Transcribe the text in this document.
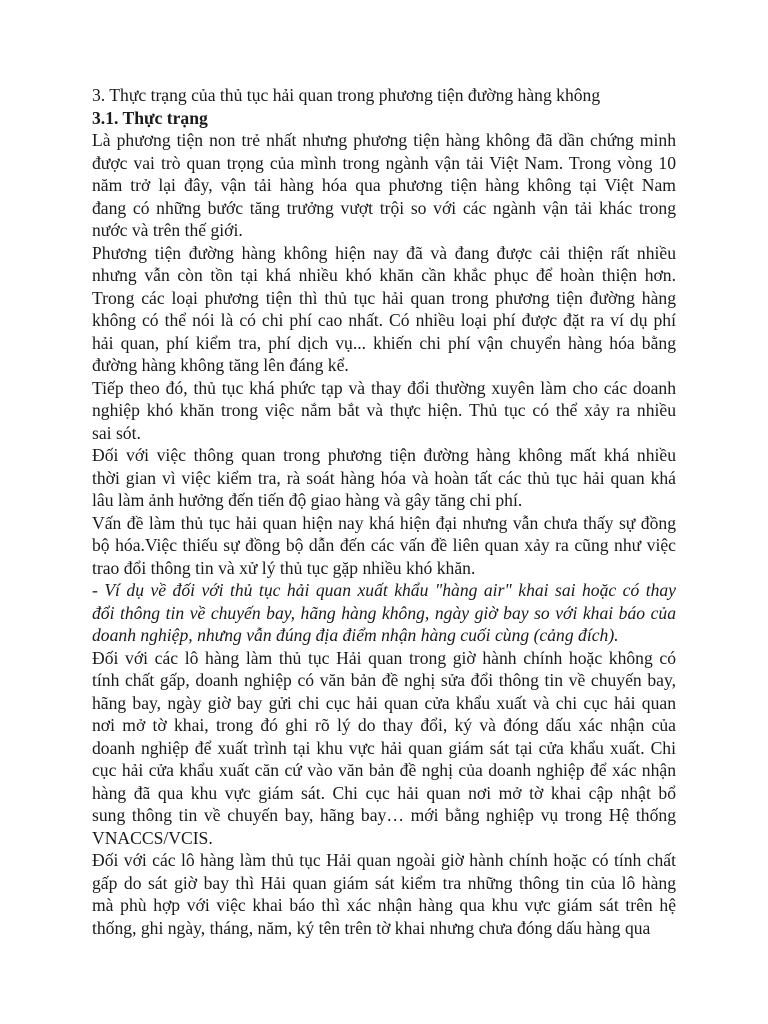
3. Thực trạng của thủ tục hải quan trong phương tiện đường hàng không
3.1. Thực trạng
Là phương tiện non trẻ nhất nhưng phương tiện hàng không đã dần chứng minh
được vai trò quan trọng của mình trong ngành vận tải Việt Nam. Trong vòng 10
năm trở lại đây, vận tải hàng hóa qua phương tiện hàng không tại Việt Nam
đang có những bước tăng trưởng vượt trội so với các ngành vận tải khác trong
nước và trên thế giới.
Phương tiện đường hàng không hiện nay đã và đang được cải thiện rất nhiều
nhưng vẫn còn tồn tại khá nhiều khó khăn cần khắc phục để hoàn thiện hơn.
Trong các loại phương tiện thì thủ tục hải quan trong phương tiện đường hàng
không có thể nói là có chi phí cao nhất. Có nhiều loại phí được đặt ra ví dụ phí
hải quan, phí kiểm tra, phí dịch vụ... khiến chi phí vận chuyển hàng hóa bằng
đường hàng không tăng lên đáng kể.
Tiếp theo đó, thủ tục khá phức tạp và thay đổi thường xuyên làm cho các doanh
nghiệp khó khăn trong việc nắm bắt và thực hiện. Thủ tục có thể xảy ra nhiều
sai sót.
Đối với việc thông quan trong phương tiện đường hàng không mất khá nhiều
thời gian vì việc kiểm tra, rà soát hàng hóa và hoàn tất các thủ tục hải quan khá
lâu làm ảnh hưởng đến tiến độ giao hàng và gây tăng chi phí.
Vấn đề làm thủ tục hải quan hiện nay khá hiện đại nhưng vẫn chưa thấy sự đồng
bộ hóa.Việc thiếu sự đồng bộ dẫn đến các vấn đề liên quan xảy ra cũng như việc
trao đổi thông tin và xử lý thủ tục gặp nhiều khó khăn.
- Ví dụ về đối với thủ tục hải quan xuất khẩu "hàng air" khai sai hoặc có thay
đổi thông tin về chuyến bay, hãng hàng không, ngày giờ bay so với khai báo của
doanh nghiệp, nhưng vẫn đúng địa điểm nhận hàng cuối cùng (cảng đích).
Đối với các lô hàng làm thủ tục Hải quan trong giờ hành chính hoặc không có
tính chất gấp, doanh nghiệp có văn bản đề nghị sửa đổi thông tin về chuyến bay,
hãng bay, ngày giờ bay gửi chi cục hải quan cửa khẩu xuất và chi cục hải quan
nơi mở tờ khai, trong đó ghi rõ lý do thay đổi, ký và đóng dấu xác nhận của
doanh nghiệp để xuất trình tại khu vực hải quan giám sát tại cửa khẩu xuất. Chi
cục hải cửa khẩu xuất căn cứ vào văn bản đề nghị của doanh nghiệp để xác nhận
hàng đã qua khu vực giám sát. Chi cục hải quan nơi mở tờ khai cập nhật bổ
sung thông tin về chuyến bay, hãng bay… mới bằng nghiệp vụ trong Hệ thống
VNACCS/VCIS.
Đối với các lô hàng làm thủ tục Hải quan ngoài giờ hành chính hoặc có tính chất
gấp do sát giờ bay thì Hải quan giám sát kiểm tra những thông tin của lô hàng
mà phù hợp với việc khai báo thì xác nhận hàng qua khu vực giám sát trên hệ
thống, ghi ngày, tháng, năm, ký tên trên tờ khai nhưng chưa đóng dấu hàng qua
